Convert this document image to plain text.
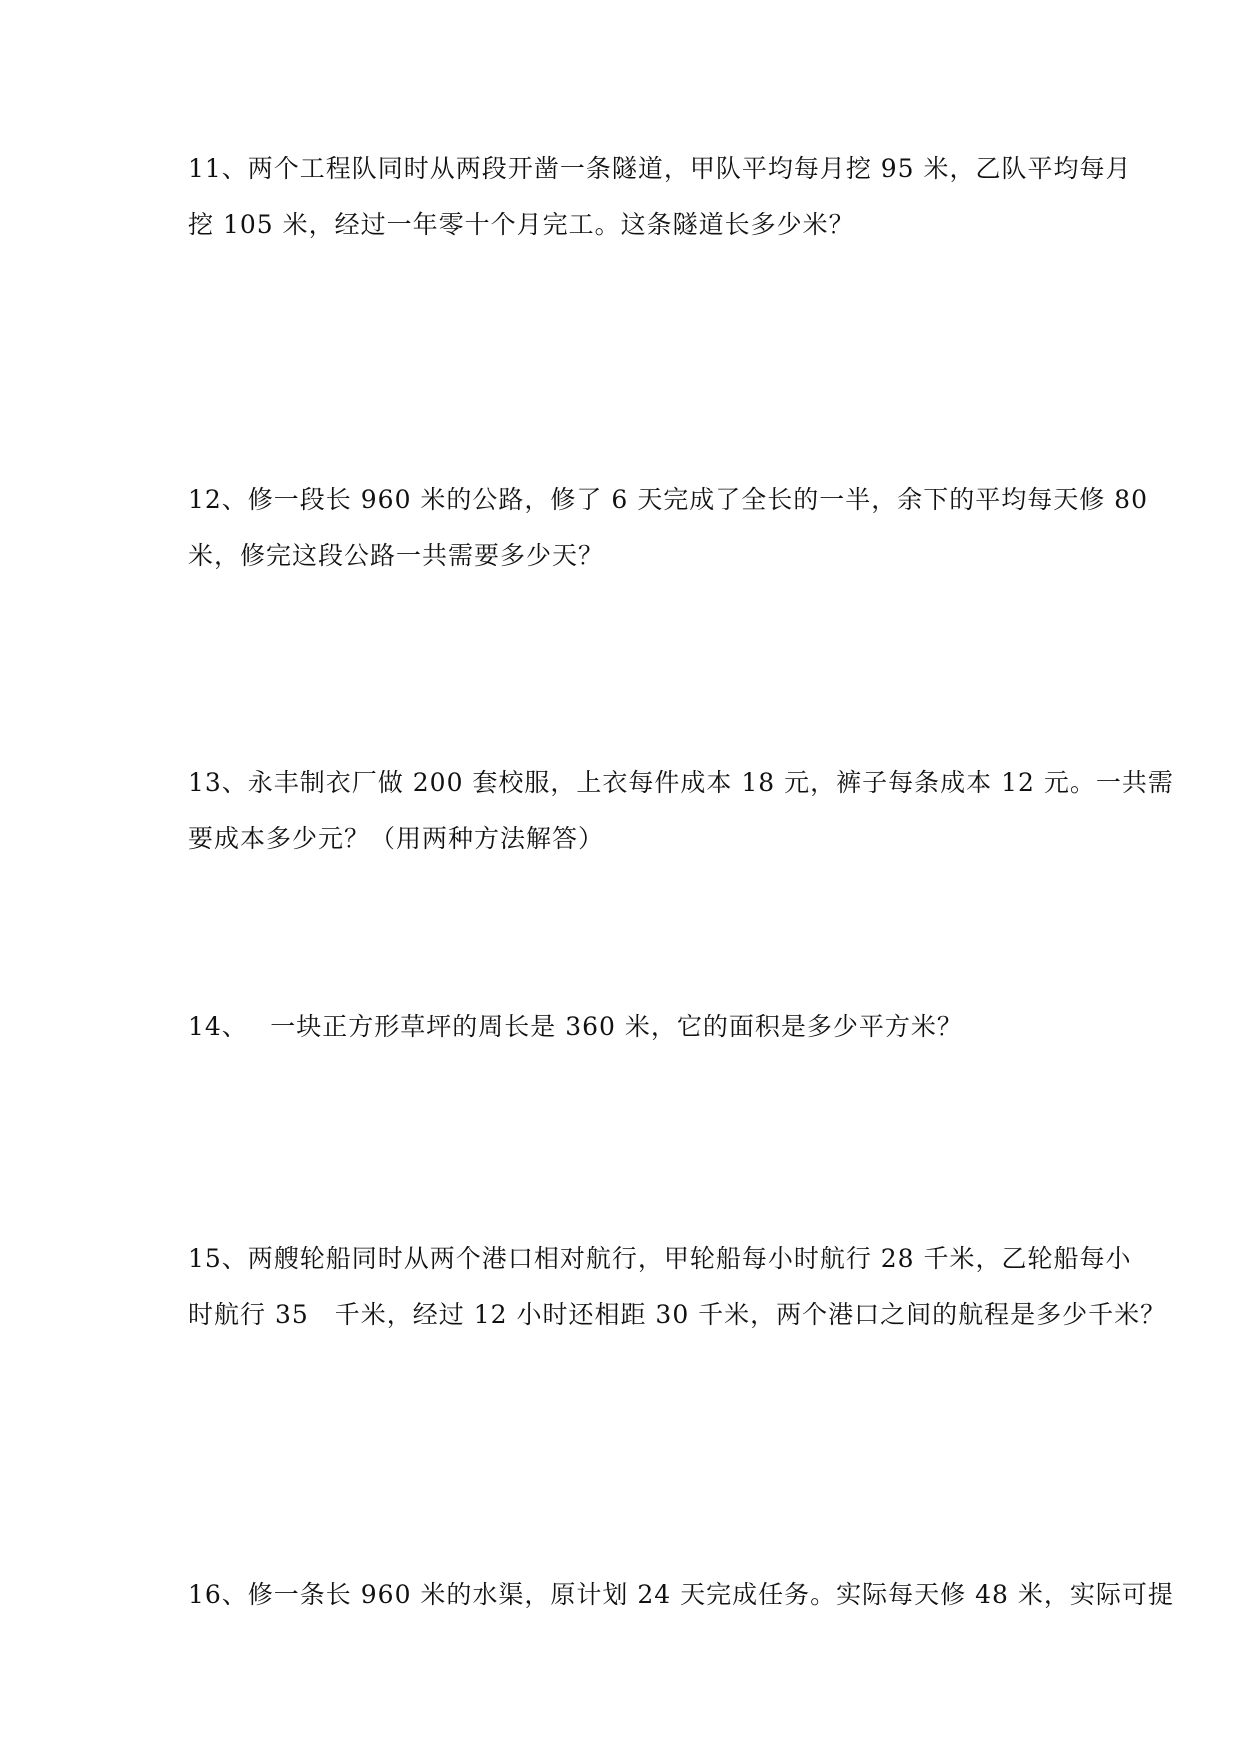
11、两个工程队同时从两段开凿一条隧道，甲队平均每月挖 95 米，乙队平均每月
挖 105 米，经过一年零十个月完工。这条隧道长多少米？
12、修一段长 960 米的公路，修了 6 天完成了全长的一半，余下的平均每天修 80
米，修完这段公路一共需要多少天？
13、永丰制衣厂做 200 套校服，上衣每件成本 18 元，裤子每条成本 12 元。一共需
要成本多少元？（用两种方法解答）
14、　 一块正方形草坪的周长是 360 米，它的面积是多少平方米？
15、两艘轮船同时从两个港口相对航行，甲轮船每小时航行 28 千米，乙轮船每小
时航行 35　千米，经过 12 小时还相距 30 千米，两个港口之间的航程是多少千米？
16、修一条长 960 米的水渠，原计划 24 天完成任务。实际每天修 48 米，实际可提
